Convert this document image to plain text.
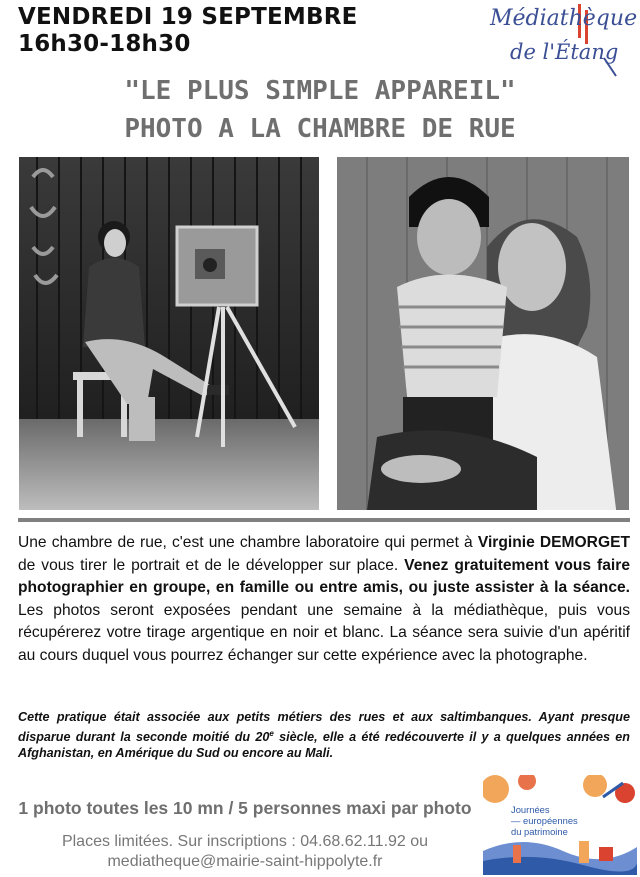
VENDREDI 19 SEPTEMBRE
16h30-18h30
Médiathèque
de l'Étang
"LE PLUS SIMPLE APPAREIL"
PHOTO A LA CHAMBRE DE RUE
Une chambre de rue, c'est une chambre laboratoire qui permet à Virginie DEMORGET de vous tirer le portrait et de le développer sur place. Venez gratuitement vous faire photographier en groupe, en famille ou entre amis, ou juste assister à la séance. Les photos seront exposées pendant une semaine à la médiathèque, puis vous récupérerez votre tirage argentique en noir et blanc. La séance sera suivie d'un apéritif au cours duquel vous pourrez échanger sur cette expérience avec la photographe.
Cette pratique était associée aux petits métiers des rues et aux saltimbanques. Ayant presque disparue durant la seconde moitié du 20e siècle, elle a été redécouverte il y a quelques années en Afghanistan, en Amérique du Sud ou encore au Mali.
1 photo toutes les 10 mn / 5 personnes maxi par photo
Places limitées. Sur inscriptions : 04.68.62.11.92 ou
mediatheque@mairie-saint-hippolyte.fr
Journées
— européennes
du patrimoine
